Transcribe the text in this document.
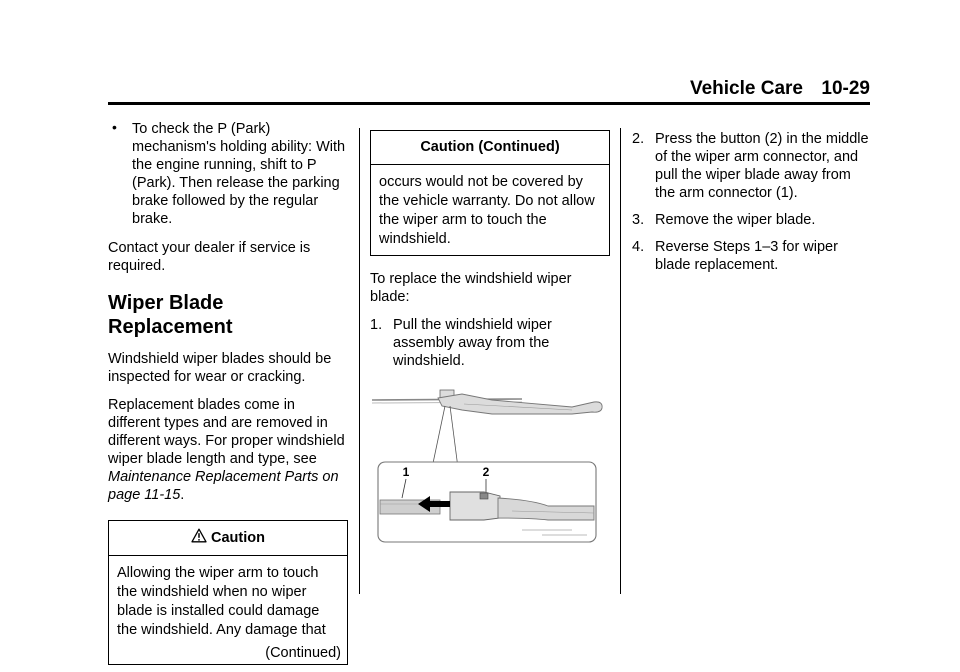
Vehicle Care 10-29
• To check the P (Park) mechanism's holding ability: With the engine running, shift to P (Park). Then release the parking brake followed by the regular brake.

Contact your dealer if service is required.

Wiper Blade Replacement

Windshield wiper blades should be inspected for wear or cracking.

Replacement blades come in different types and are removed in different ways. For proper windshield wiper blade length and type, see Maintenance Replacement Parts on page 11-15.

Caution
Allowing the wiper arm to touch the windshield when no wiper blade is installed could damage the windshield. Any damage that
(Continued)
Caution (Continued)
occurs would not be covered by the vehicle warranty. Do not allow the wiper arm to touch the windshield.

To replace the windshield wiper blade:

1. Pull the windshield wiper assembly away from the windshield.
2. Press the button (2) in the middle of the wiper arm connector, and pull the wiper blade away from the arm connector (1).
3. Remove the wiper blade.
4. Reverse Steps 1–3 for wiper blade replacement.
1	2
